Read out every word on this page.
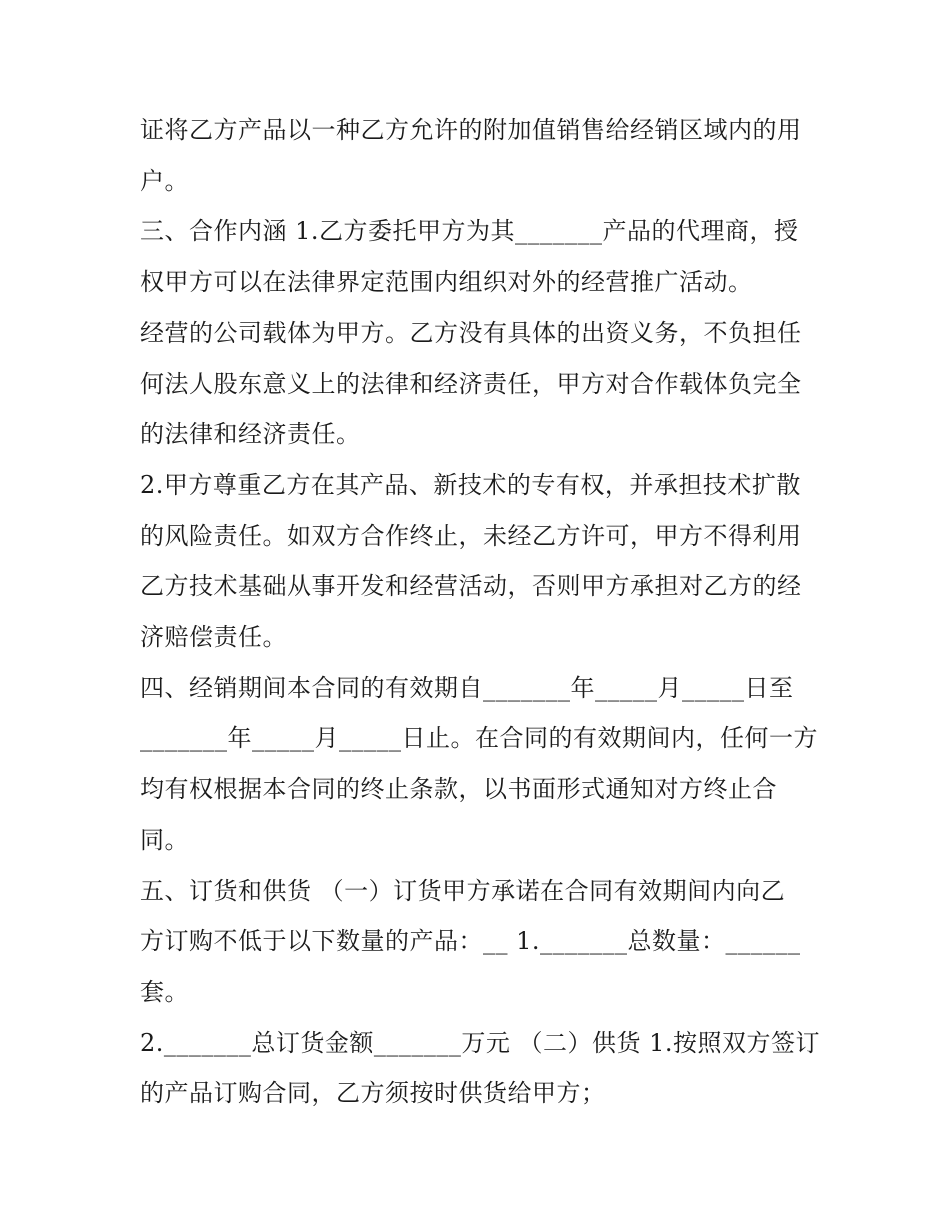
证将乙方产品以一种乙方允许的附加值销售给经销区域内的用
户。
三、合作内涵 1.乙方委托甲方为其_______产品的代理商，授
权甲方可以在法律界定范围内组织对外的经营推广活动。
经营的公司载体为甲方。乙方没有具体的出资义务，不负担任
何法人股东意义上的法律和经济责任，甲方对合作载体负完全
的法律和经济责任。
2.甲方尊重乙方在其产品、新技术的专有权，并承担技术扩散
的风险责任。如双方合作终止，未经乙方许可，甲方不得利用
乙方技术基础从事开发和经营活动，否则甲方承担对乙方的经
济赔偿责任。
四、经销期间本合同的有效期自_______年_____月_____日至
_______年_____月_____日止。在合同的有效期间内，任何一方
均有权根据本合同的终止条款，以书面形式通知对方终止合
同。
五、订货和供货 （一）订货甲方承诺在合同有效期间内向乙
方订购不低于以下数量的产品：__ 1._______总数量：______
套。
2._______总订货金额_______万元 （二）供货 1.按照双方签订
的产品订购合同，乙方须按时供货给甲方；
